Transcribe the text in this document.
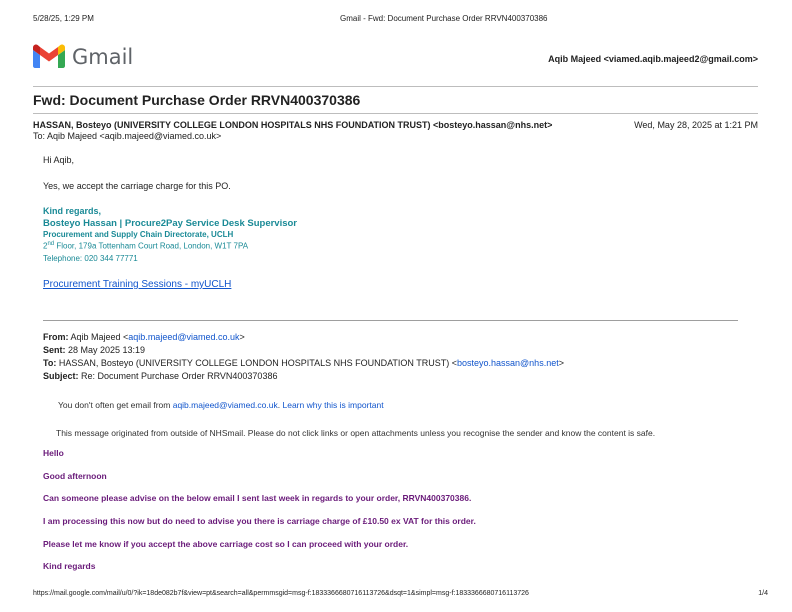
5/28/25, 1:29 PM	Gmail - Fwd: Document Purchase Order RRVN400370386
Gmail	Aqib Majeed <viamed.aqib.majeed2@gmail.com>
Fwd: Document Purchase Order RRVN400370386
HASSAN, Bosteyo (UNIVERSITY COLLEGE LONDON HOSPITALS NHS FOUNDATION TRUST) <bosteyo.hassan@nhs.net>	Wed, May 28, 2025 at 1:21 PM
To: Aqib Majeed <aqib.majeed@viamed.co.uk>
Hi Aqib,
Yes, we accept the carriage charge for this PO.
Kind regards,
Bosteyo Hassan | Procure2Pay Service Desk Supervisor
Procurement and Supply Chain Directorate, UCLH
2nd Floor, 179a Tottenham Court Road, London, W1T 7PA
Telephone: 020 344 77771
Procurement Training Sessions - myUCLH
From: Aqib Majeed <aqib.majeed@viamed.co.uk>
Sent: 28 May 2025 13:19
To: HASSAN, Bosteyo (UNIVERSITY COLLEGE LONDON HOSPITALS NHS FOUNDATION TRUST) <bosteyo.hassan@nhs.net>
Subject: Re: Document Purchase Order RRVN400370386
You don't often get email from aqib.majeed@viamed.co.uk. Learn why this is important
This message originated from outside of NHSmail. Please do not click links or open attachments unless you recognise the sender and know the content is safe.
Hello
Good afternoon
Can someone please advise on the below email I sent last week in regards to your order, RRVN400370386.
I am processing this now but do need to advise you there is carriage charge of £10.50 ex VAT for this order.
Please let me know if you accept the above carriage cost so I can proceed with your order.
Kind regards
https://mail.google.com/mail/u/0/?ik=18de082b7f&view=pt&search=all&permmsgid=msg-f:1833366680716113726&dsqt=1&simpl=msg-f:1833366680716113726	1/4
